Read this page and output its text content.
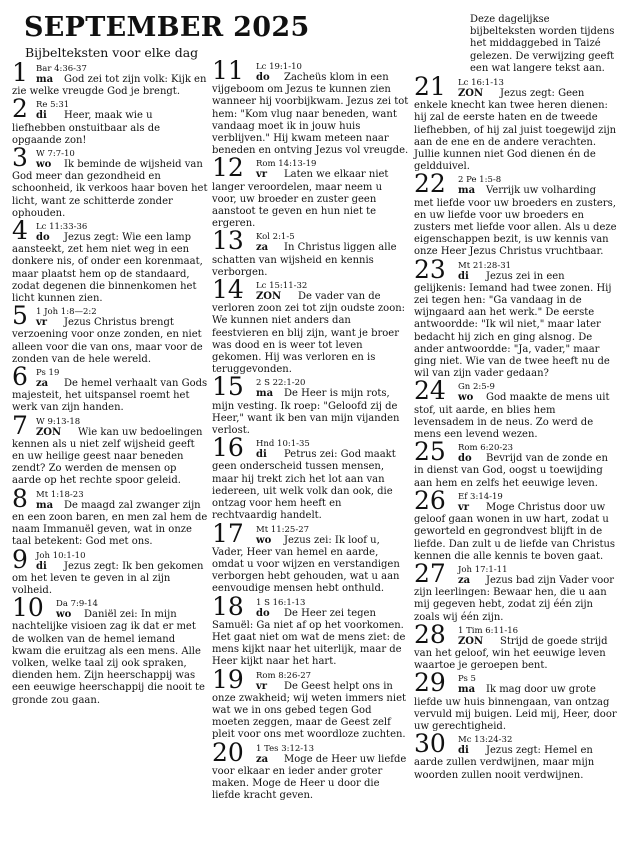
SEPTEMBER 2025
Bijbelteksten voor elke dag
Deze dagelijkse bijbelteksten worden tijdens het middaggebed in Taizé gelezen. De verwijzing geeft een wat langere tekst aan.
1 Bar 4:36-37
ma	God zei tot zijn volk: Kijk en zie welke vreugde God je brengt.
2 Re 5:31
di	Heer, maak wie u liefhebben onstuitbaar als de opgaande zon!
3 W 7:7-10
wo	Ik beminde de wijsheid van God meer dan gezondheid en schoonheid, ik verkoos haar boven het licht, want ze schitterde zonder ophouden.
4 Lc 11:33-36
do	Jezus zegt: Wie een lamp aansteekt, zet hem niet weg in een donkere nis, of onder een korenmaat, maar plaatst hem op de standaard, zodat degenen die binnenkomen het licht kunnen zien.
5 1 Joh 1:8—2:2
vr	Jezus Christus brengt verzoening voor onze zonden, en niet alleen voor die van ons, maar voor de zonden van de hele wereld.
6 Ps 19
za	De hemel verhaalt van Gods majesteit, het uitspansel roemt het werk van zijn handen.
7 W 9:13-18
ZON	Wie kan uw bedoelingen kennen als u niet zelf wijsheid geeft en uw heilige geest naar beneden zendt? Zo werden de mensen op aarde op het rechte spoor geleid.
8 Mt 1:18-23
ma	De maagd zal zwanger zijn en een zoon baren, en men zal hem de naam Immanuël geven, wat in onze taal betekent: God met ons.
9 Joh 10:1-10
di	Jezus zegt: Ik ben gekomen om het leven te geven in al zijn volheid.
10 Da 7:9-14
wo	Daniël zei: In mijn nachtelijke visioen zag ik dat er met de wolken van de hemel iemand kwam die eruitzag als een mens. Alle volken, welke taal zij ook spraken, dienden hem. Zijn heerschappij was een eeuwige heerschappij die nooit te gronde zou gaan.
11 Lc 19:1-10
do	Zacheüs klom in een vijgeboom om Jezus te kunnen zien wanneer hij voorbijkwam. Jezus zei tot hem: "Kom vlug naar beneden, want vandaag moet ik in jouw huis verblijven." Hij kwam meteen naar beneden en ontving Jezus vol vreugde.
12 Rom 14:13-19
vr	Laten we elkaar niet langer veroordelen, maar neem u voor, uw broeder en zuster geen aanstoot te geven en hun niet te ergeren.
13 Kol 2:1-5
za	In Christus liggen alle schatten van wijsheid en kennis verborgen.
14 Lc 15:11-32
ZON	De vader van de verloren zoon zei tot zijn oudste zoon: We kunnen niet anders dan feestvieren en blij zijn, want je broer was dood en is weer tot leven gekomen. Hij was verloren en is teruggevonden.
15 2 S 22:1-20
ma	De Heer is mijn rots, mijn vesting. Ik roep: "Geloofd zij de Heer," want ik ben van mijn vijanden verlost.
16 Hnd 10:1-35
di	Petrus zei: God maakt geen onderscheid tussen mensen, maar hij trekt zich het lot aan van iedereen, uit welk volk dan ook, die ontzag voor hem heeft en rechtvaardig handelt.
17 Mt 11:25-27
wo	Jezus zei: Ik loof u, Vader, Heer van hemel en aarde, omdat u voor wijzen en verstandigen verborgen hebt gehouden, wat u aan eenvoudige mensen hebt onthuld.
18 1 S 16:1-13
do	De Heer zei tegen Samuël: Ga niet af op het voorkomen. Het gaat niet om wat de mens ziet: de mens kijkt naar het uiterlijk, maar de Heer kijkt naar het hart.
19 Rom 8:26-27
vr	De Geest helpt ons in onze zwakheid; wij weten immers niet wat we in ons gebed tegen God moeten zeggen, maar de Geest zelf pleit voor ons met woordloze zuchten.
20 1 Tes 3:12-13
za	Moge de Heer uw liefde voor elkaar en ieder ander groter maken. Moge de Heer u door die liefde kracht geven.
21 Lc 16:1-13
ZON	Jezus zegt: Geen enkele knecht kan twee heren dienen: hij zal de eerste haten en de tweede liefhebben, of hij zal juist toegewijd zijn aan de ene en de andere verachten. Jullie kunnen niet God dienen én de geldduivel.
22 2 Pe 1:5-8
ma	Verrijk uw volharding met liefde voor uw broeders en zusters, en uw liefde voor uw broeders en zusters met liefde voor allen. Als u deze eigenschappen bezit, is uw kennis van onze Heer Jezus Christus vruchtbaar.
23 Mt 21:28-31
di	Jezus zei in een gelijkenis: Iemand had twee zonen. Hij zei tegen hen: "Ga vandaag in de wijngaard aan het werk." De eerste antwoordde: "Ik wil niet," maar later bedacht hij zich en ging alsnog. De ander antwoordde: "Ja, vader," maar ging niet. Wie van de twee heeft nu de wil van zijn vader gedaan?
24 Gn 2:5-9
wo	God maakte de mens uit stof, uit aarde, en blies hem levensadem in de neus. Zo werd de mens een levend wezen.
25 Rom 6:20-23
do	Bevrijd van de zonde en in dienst van God, oogst u toewijding aan hem en zelfs het eeuwige leven.
26 Ef 3:14-19
vr	Moge Christus door uw geloof gaan wonen in uw hart, zodat u geworteld en gegrondvest blijft in de liefde. Dan zult u de liefde van Christus kennen die alle kennis te boven gaat.
27 Joh 17:1-11
za	Jezus bad zijn Vader voor zijn leerlingen: Bewaar hen, die u aan mij gegeven hebt, zodat zij één zijn zoals wij één zijn.
28 1 Tim 6:11-16
ZON	Strijd de goede strijd van het geloof, win het eeuwige leven waartoe je geroepen bent.
29 Ps 5
ma	Ik mag door uw grote liefde uw huis binnengaan, van ontzag vervuld mij buigen. Leid mij, Heer, door uw gerechtigheid.
30 Mc 13:24-32
di	Jezus zegt: Hemel en aarde zullen verdwijnen, maar mijn woorden zullen nooit verdwijnen.
